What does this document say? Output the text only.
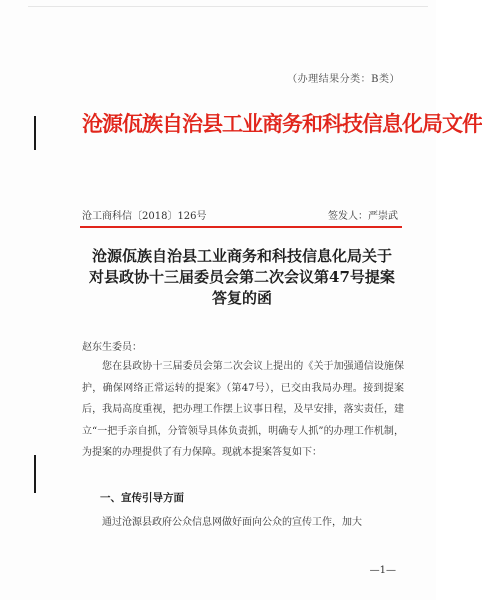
（办理结果分类：B类）
沧源佤族自治县工业商务和科技信息化局文件
沧工商科信〔2018〕126号	签发人：严崇武
沧源佤族自治县工业商务和科技信息化局关于
对县政协十三届委员会第二次会议第47号提案
答复的函
赵东生委员：

您在县政协十三届委员会第二次会议上提出的《关于加强通信设施保护，确保网络正常运转的提案》（第47号），已交由我局办理。接到提案后，我局高度重视，把办理工作摆上议事日程，及早安排，落实责任，建立“一把手亲自抓，分管领导具体负责抓，明确专人抓”的办理工作机制，为提案的办理提供了有力保障。现就本提案答复如下：

一、宣传引导方面
通过沧源县政府公众信息网做好面向公众的宣传工作，加大
—1—
